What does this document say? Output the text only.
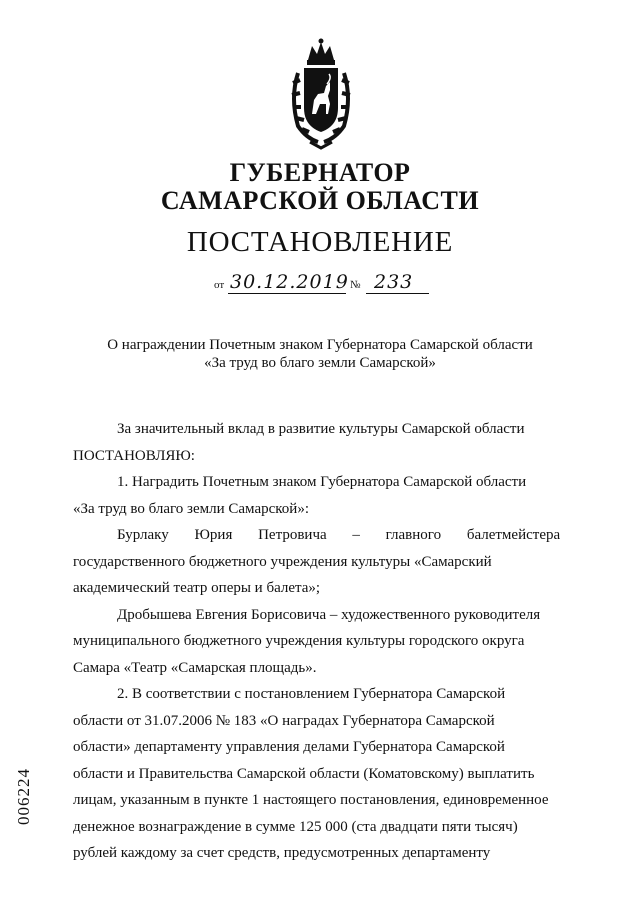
ГУБЕРНАТОР
САМАРСКОЙ ОБЛАСТИ
ПОСТАНОВЛЕНИЕ
от 30.12.2019 № 233
О награждении Почетным знаком Губернатора Самарской области
«За труд во благо земли Самарской»

За значительный вклад в развитие культуры Самарской области

ПОСТАНОВЛЯЮ:

1. Наградить Почетным знаком Губернатора Самарской области

«За труд во благо земли Самарской»:

Бурлаку Юрия Петровича – главного балетмейстера

государственного бюджетного учреждения культуры «Самарский

академический театр оперы и балета»;

Дробышева Евгения Борисовича – художественного руководителя

муниципального бюджетного учреждения культуры городского округа

Самара «Театр «Самарская площадь».

2. В соответствии с постановлением Губернатора Самарской

области от 31.07.2006 № 183 «О наградах Губернатора Самарской

области» департаменту управления делами Губернатора Самарской

области и Правительства Самарской области (Коматовскому) выплатить

лицам, указанным в пункте 1 настоящего постановления, единовременное

денежное вознаграждение в сумме 125 000 (ста двадцати пяти тысяч)

рублей каждому за счет средств, предусмотренных департаменту

006224
